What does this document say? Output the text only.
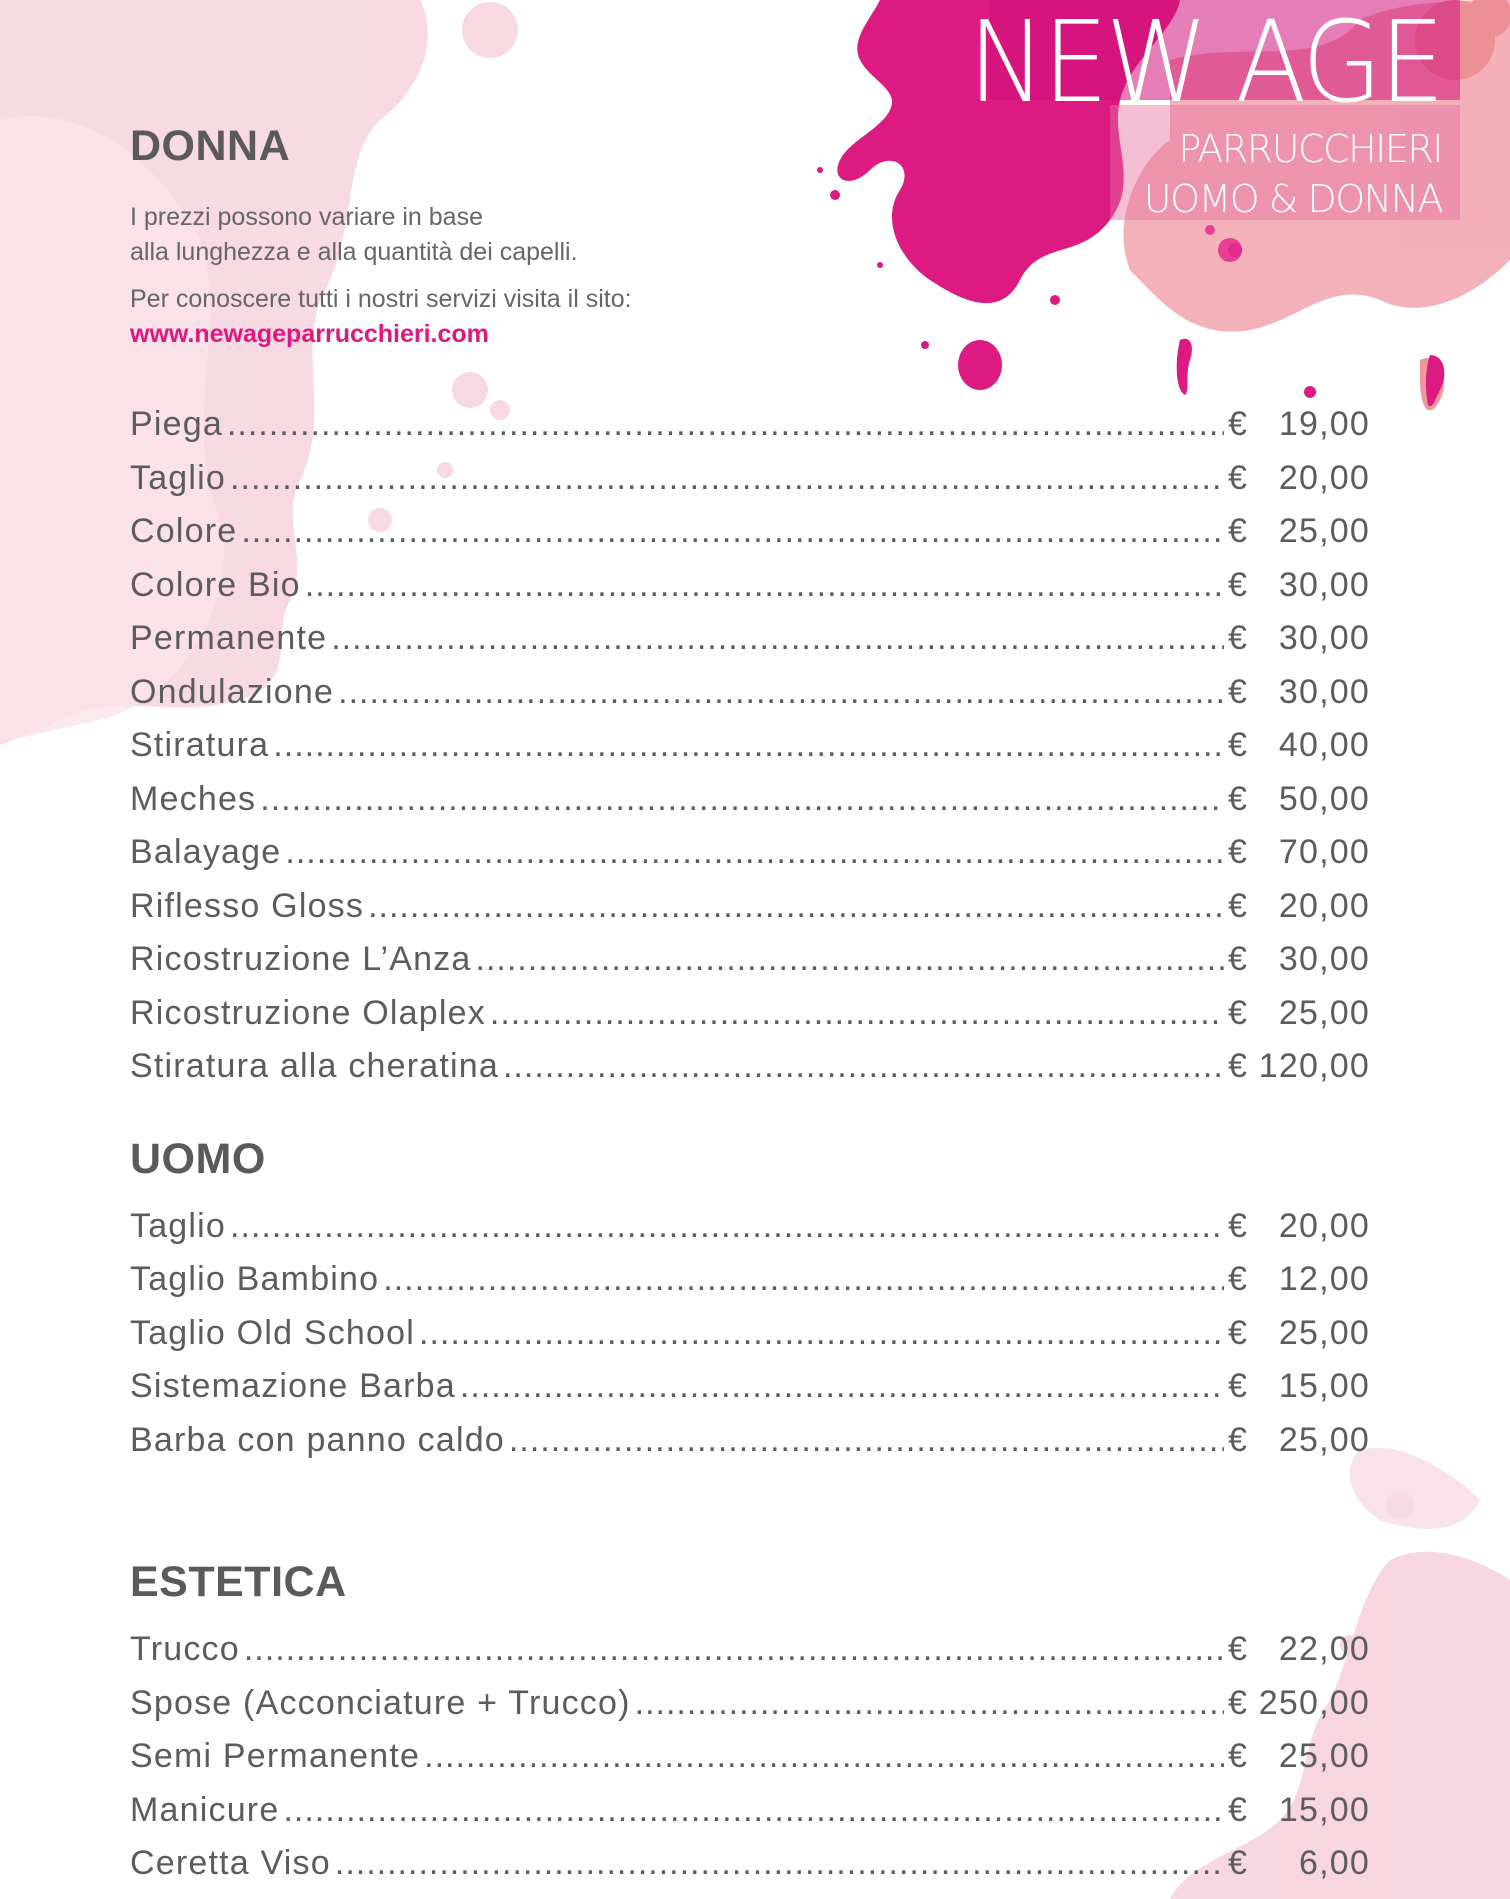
NEW AGE
PARRUCCHIERI
UOMO & DONNA
DONNA

I prezzi possono variare in base

alla lunghezza e alla quantità dei capelli.

Per conoscere tutti i nostri servizi visita il sito:

www.newageparrucchieri.com

Piega .....	€ 19,00
Taglio .....	€ 20,00
Colore .....	€ 25,00
Colore Bio .....	€ 30,00
Permanente .....	€ 30,00
Ondulazione .....	€ 30,00
Stiratura .....	€ 40,00
Meches .....	€ 50,00
Balayage .....	€ 70,00
Riflesso Gloss .....	€ 20,00
Ricostruzione L’Anza .....	€ 30,00
Ricostruzione Olaplex .....	€ 25,00
Stiratura alla cheratina .....	€ 120,00
UOMO
Taglio .....	€ 20,00
Taglio Bambino .....	€ 12,00
Taglio Old School .....	€ 25,00
Sistemazione Barba .....	€ 15,00
Barba con panno caldo .....	€ 25,00
ESTETICA
Trucco .....	€ 22,00
Spose (Acconciature + Trucco) .....	€ 250,00
Semi Permanente .....	€ 25,00
Manicure .....	€ 15,00
Ceretta Viso .....	€ 6,00
